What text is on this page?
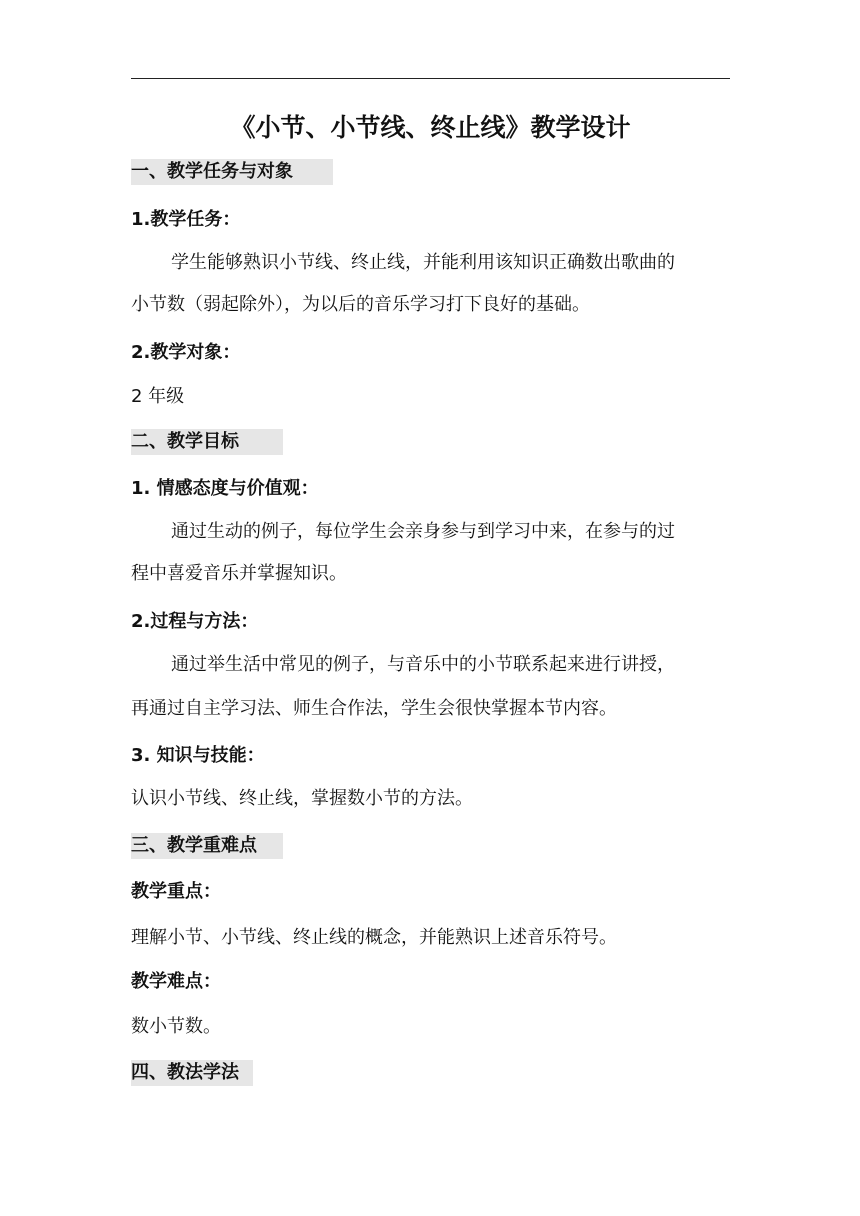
《小节、小节线、终止线》教学设计
一、教学任务与对象
1.教学任务：
学生能够熟识小节线、终止线，并能利用该知识正确数出歌曲的
小节数（弱起除外），为以后的音乐学习打下良好的基础。
2.教学对象：
2 年级
二、教学目标
1. 情感态度与价值观：
通过生动的例子，每位学生会亲身参与到学习中来，在参与的过
程中喜爱音乐并掌握知识。
2.过程与方法：
通过举生活中常见的例子，与音乐中的小节联系起来进行讲授，
再通过自主学习法、师生合作法，学生会很快掌握本节内容。
3. 知识与技能：
认识小节线、终止线，掌握数小节的方法。
三、教学重难点
教学重点：
理解小节、小节线、终止线的概念，并能熟识上述音乐符号。
教学难点：
数小节数。
四、教法学法
